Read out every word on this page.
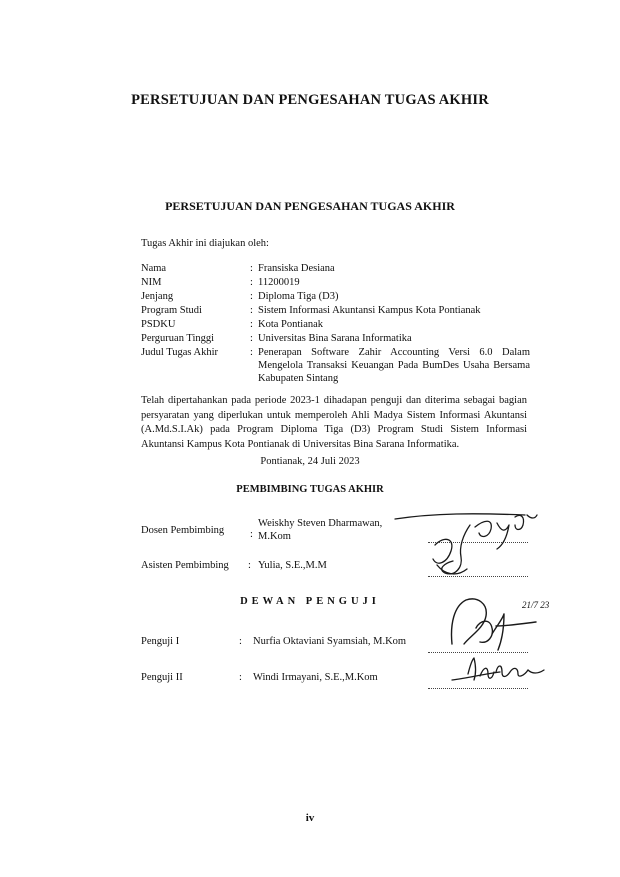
PERSETUJUAN DAN PENGESAHAN TUGAS AKHIR
PERSETUJUAN DAN PENGESAHAN TUGAS AKHIR
Tugas Akhir ini diajukan oleh:
Nama	: Fransiska Desiana
NIM	: 11200019
Jenjang	: Diploma Tiga (D3)
Program Studi	: Sistem Informasi Akuntansi Kampus Kota Pontianak
PSDKU	: Kota Pontianak
Perguruan Tinggi	: Universitas Bina Sarana Informatika
Judul Tugas Akhir	: Penerapan Software Zahir Accounting Versi 6.0 Dalam Mengelola Transaksi Keuangan Pada BumDes Usaha Bersama Kabupaten Sintang
Telah dipertahankan pada periode 2023-1 dihadapan penguji dan diterima sebagai bagian persyaratan yang diperlukan untuk memperoleh Ahli Madya Sistem Informasi Akuntansi (A.Md.S.I.Ak) pada Program Diploma Tiga (D3) Program Studi Sistem Informasi Akuntansi Kampus Kota Pontianak di Universitas Bina Sarana Informatika.
Pontianak, 24 Juli 2023
PEMBIMBING TUGAS AKHIR
Dosen Pembimbing :
Weiskhy Steven Dharmawan,
M.Kom
Asisten Pembimbing : Yulia, S.E.,M.M
DEWAN PENGUJI
Penguji I	: Nurfia Oktaviani Syamsiah, M.Kom
Penguji II	: Windi Irmayani, S.E.,M.Kom
21/7 23
iv
